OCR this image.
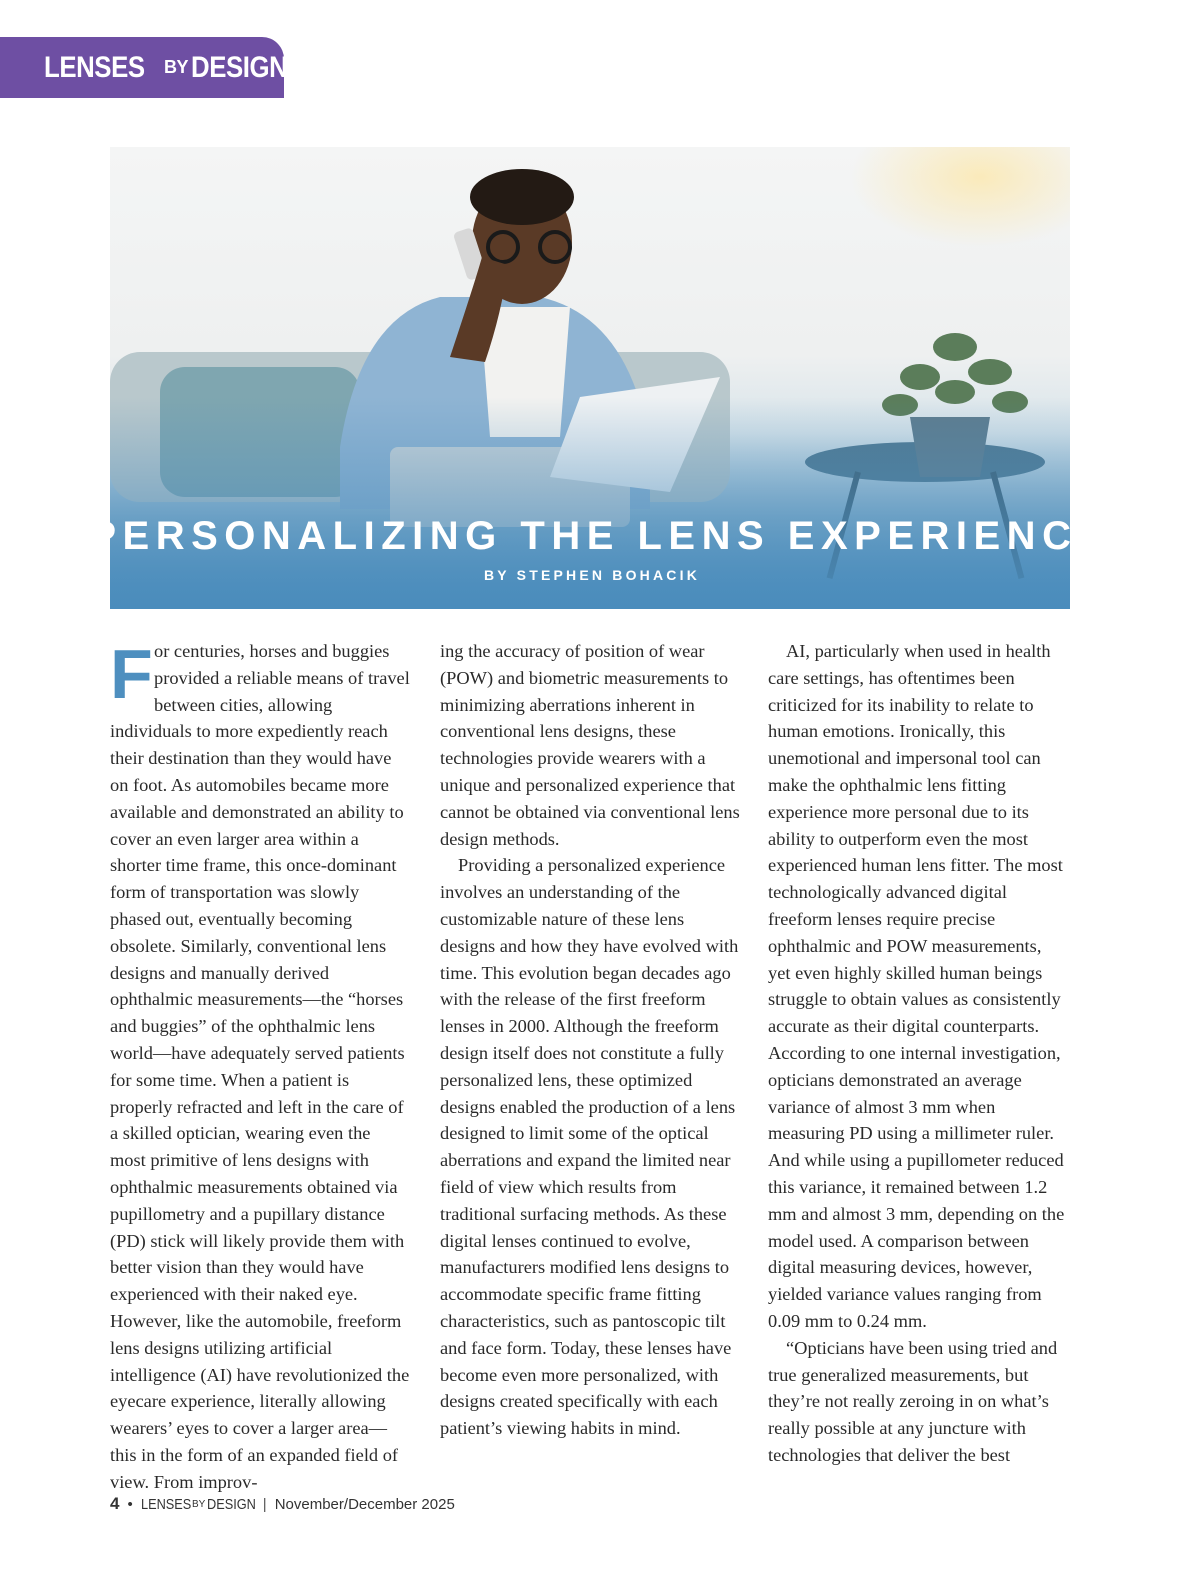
LENSES BY DESIGN
PERSONALIZING THE LENS EXPERIENCE
BY STEPHEN BOHACIK
F or centuries, horses and buggies provided a reliable means of travel between cities, allowing individuals to more expediently reach their destination than they would have on foot. As automobiles became more available and demonstrated an ability to cover an even larger area within a shorter time frame, this once-dominant form of transportation was slowly phased out, eventually becoming obsolete. Similarly, conventional lens designs and manually derived ophthalmic measurements—the “horses and buggies” of the ophthalmic lens world—have adequately served patients for some time. When a patient is properly refracted and left in the care of a skilled optician, wearing even the most primitive of lens designs with ophthalmic measurements obtained via pupillometry and a pupillary distance (PD) stick will likely provide them with better vision than they would have experienced with their naked eye. However, like the automobile, freeform lens designs utilizing artificial intelligence (AI) have revolutionized the eyecare experience, literally allowing wearers’ eyes to cover a larger area—this in the form of an expanded field of view. From improv-

ing the accuracy of position of wear (POW) and biometric measurements to minimizing aberrations inherent in conventional lens designs, these technologies provide wearers with a unique and personalized experience that cannot be obtained via conventional lens design methods.

Providing a personalized experience involves an understanding of the customizable nature of these lens designs and how they have evolved with time. This evolution began decades ago with the release of the first freeform lenses in 2000. Although the freeform design itself does not constitute a fully personalized lens, these optimized designs enabled the production of a lens designed to limit some of the optical aberrations and expand the limited near field of view which results from traditional surfacing methods. As these digital lenses continued to evolve, manufacturers modified lens designs to accommodate specific frame fitting characteristics, such as pantoscopic tilt and face form. Today, these lenses have become even more personalized, with designs created specifically with each patient’s viewing habits in mind.

AI, particularly when used in health care settings, has oftentimes been criticized for its inability to relate to human emotions. Ironically, this unemotional and impersonal tool can make the ophthalmic lens fitting experience more personal due to its ability to outperform even the most experienced human lens fitter. The most technologically advanced digital freeform lenses require precise ophthalmic and POW measurements, yet even highly skilled human beings struggle to obtain values as consistently accurate as their digital counterparts. According to one internal investigation, opticians demonstrated an average variance of almost 3 mm when measuring PD using a millimeter ruler. And while using a pupillometer reduced this variance, it remained between 1.2 mm and almost 3 mm, depending on the model used. A comparison between digital measuring devices, however, yielded variance values ranging from 0.09 mm to 0.24 mm.

“Opticians have been using tried and true generalized measurements, but they’re not really zeroing in on what’s really possible at any juncture with technologies that deliver the best

4 • LENSES BY DESIGN | November/December 2025
